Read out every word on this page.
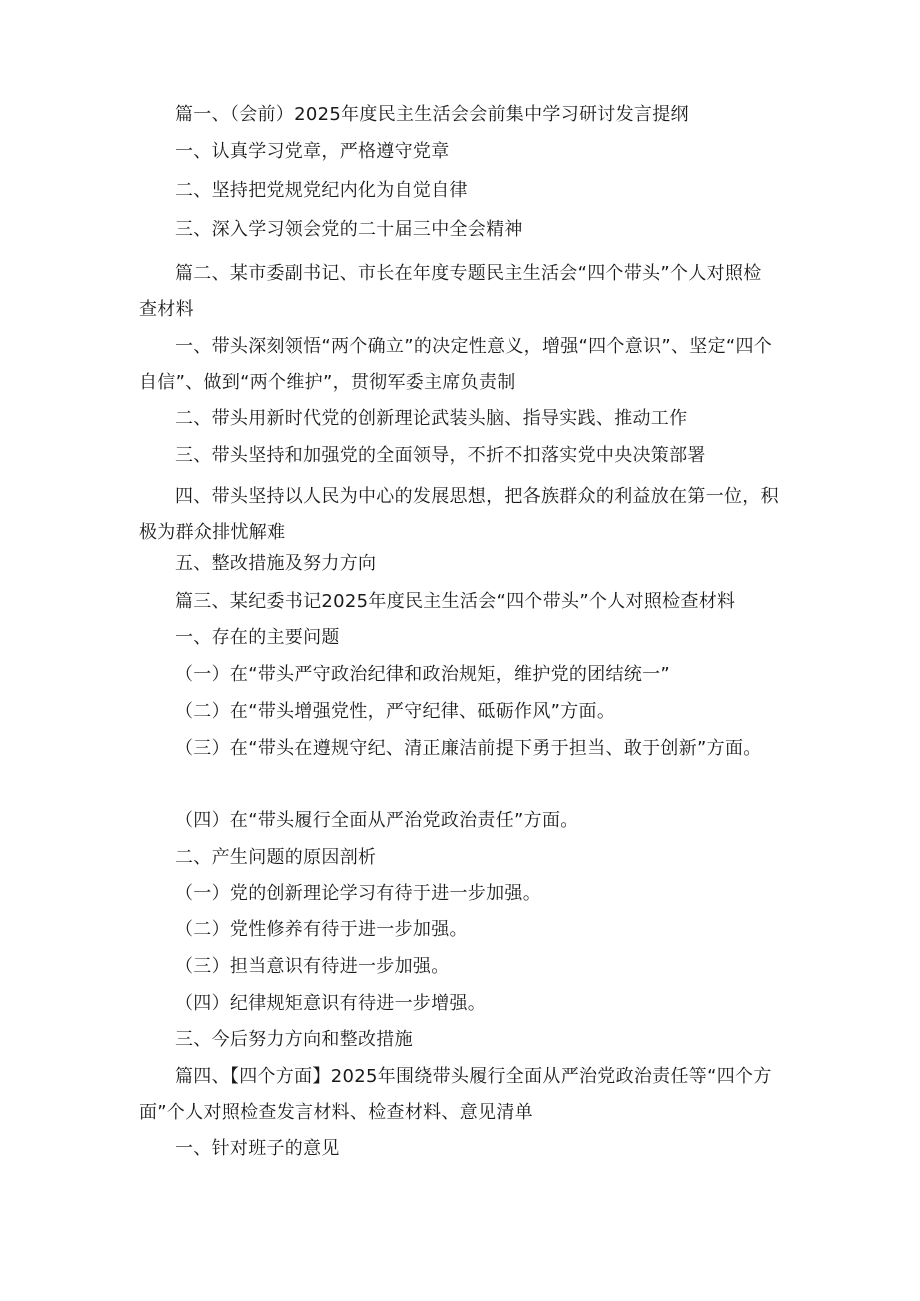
篇一、（会前）2025年度民主生活会会前集中学习研讨发言提纲
一、认真学习党章，严格遵守党章
二、坚持把党规党纪内化为自觉自律
三、深入学习领会党的二十届三中全会精神
篇二、某市委副书记、市长在年度专题民主生活会“四个带头”个人对照检查材料
一、带头深刻领悟“两个确立”的决定性意义，增强“四个意识”、坚定“四个自信”、做到“两个维护”，贯彻军委主席负责制
二、带头用新时代党的创新理论武装头脑、指导实践、推动工作
三、带头坚持和加强党的全面领导，不折不扣落实党中央决策部署
四、带头坚持以人民为中心的发展思想，把各族群众的利益放在第一位，积极为群众排忧解难
五、整改措施及努力方向
篇三、某纪委书记2025年度民主生活会“四个带头”个人对照检查材料
一、存在的主要问题
（一）在“带头严守政治纪律和政治规矩，维护党的团结统一”
（二）在“带头增强党性，严守纪律、砥砺作风”方面。
（三）在“带头在遵规守纪、清正廉洁前提下勇于担当、敢于创新”方面。
（四）在“带头履行全面从严治党政治责任”方面。
二、产生问题的原因剖析
（一）党的创新理论学习有待于进一步加强。
（二）党性修养有待于进一步加强。
（三）担当意识有待进一步加强。
（四）纪律规矩意识有待进一步增强。
三、今后努力方向和整改措施
篇四、【四个方面】2025年围绕带头履行全面从严治党政治责任等“四个方面”个人对照检查发言材料、检查材料、意见清单
一、针对班子的意见
